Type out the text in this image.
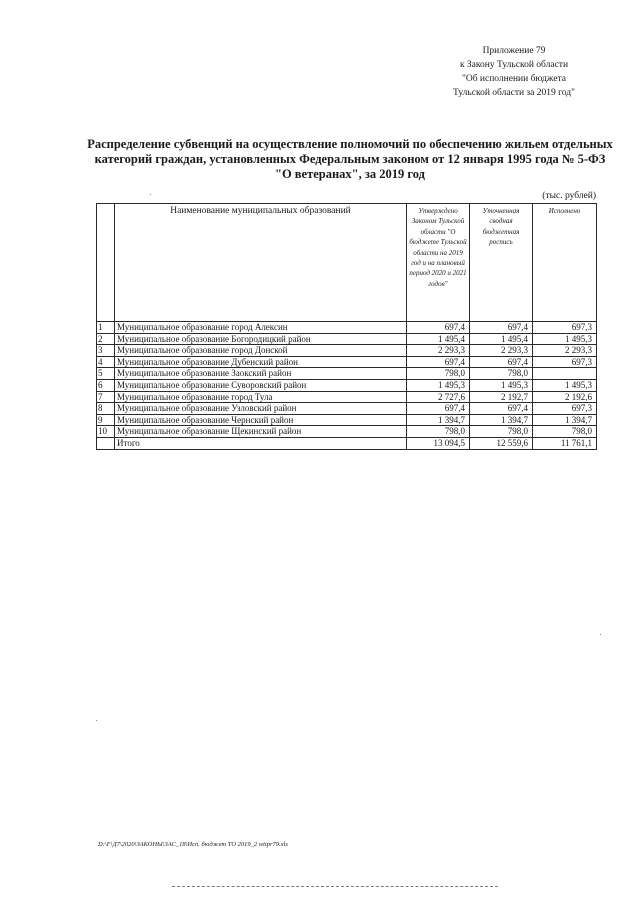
Приложение 79
к Закону Тульской области
"Об исполнении бюджета
Тульской области за 2019 год"
Распределение субвенций на осуществление полномочий по обеспечению жильем отдельных
категорий граждан, установленных Федеральным законом от 12 января 1995 года № 5-ФЗ
"О ветеранах", за 2019 год
(тыс. рублей)
	Наименование муниципальных образований	Утверждено Законом Тульской области "О бюджете Тульской области на 2019 год и на плановый период 2020 и 2021 годов"	Уточненная сводная бюджетная роспись	Исполнено
1	Муниципальное образование город Алексин	697,4	697,4	697,3
2	Муниципальное образование Богородицкий район	1 495,4	1 495,4	1 495,3
3	Муниципальное образование город Донской	2 293,3	2 293,3	2 293,3
4	Муниципальное образование Дубенский район	697,4	697,4	697,3
5	Муниципальное образование Заокский район	798,0	798,0	
6	Муниципальное образование Суворовский район	1 495,3	1 495,3	1 495,3
7	Муниципальное образование город Тула	2 727,6	2 192,7	2 192,6
8	Муниципальное образование Узловский район	697,4	697,4	697,3
9	Муниципальное образование Чернский район	1 394,7	1 394,7	1 394,7
10	Муниципальное образование Щекинский район	798,0	798,0	798,0
	Итого	13 094,5	12 559,6	11 761,1
D:\F\Д7\2020\ЗАКОНЫ\ЗАС_18\Исп. бюджет ТО 2019_2 wtipr79.xls
